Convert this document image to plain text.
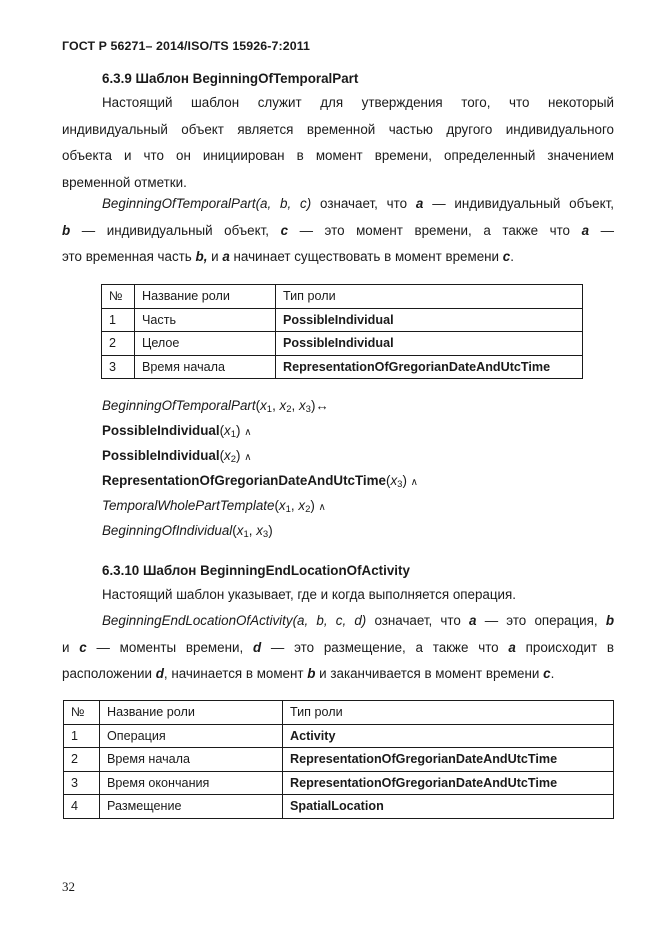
ГОСТ Р 56271– 2014/ISO/TS 15926-7:2011
6.3.9 Шаблон BeginningOfTemporalPart
Настоящий шаблон служит для утверждения того, что некоторый
индивидуальный объект является временной частью другого индивидуального
объекта и что он инициирован в момент времени, определенный значением
временной отметки.
BeginningOfTemporalPart(a, b, c) означает, что a — индивидуальный объект,
b — индивидуальный объект, c — это момент времени, а также что a —
это временная часть b, и a начинает существовать в момент времени c.
№	Название роли	Тип роли
1	Часть	PossibleIndividual
2	Целое	PossibleIndividual
3	Время начала	RepresentationOfGregorianDateAndUtcTime
BeginningOfTemporalPart(x1, x2, x3)↔
PossibleIndividual(x1) ∧
PossibleIndividual(x2) ∧
RepresentationOfGregorianDateAndUtcTime(x3) ∧
TemporalWholePartTemplate(x1, x2) ∧
BeginningOfIndividual(x1, x3)
6.3.10 Шаблон BeginningEndLocationOfActivity
Настоящий шаблон указывает, где и когда выполняется операция.
BeginningEndLocationOfActivity(a, b, c, d) означает, что a — это операция, b
и c — моменты времени, d — это размещение, а также что a происходит в
расположении d, начинается в момент b и заканчивается в момент времени c.
№	Название роли	Тип роли
1	Операция	Activity
2	Время начала	RepresentationOfGregorianDateAndUtcTime
3	Время окончания	RepresentationOfGregorianDateAndUtcTime
4	Размещение	SpatialLocation
32
